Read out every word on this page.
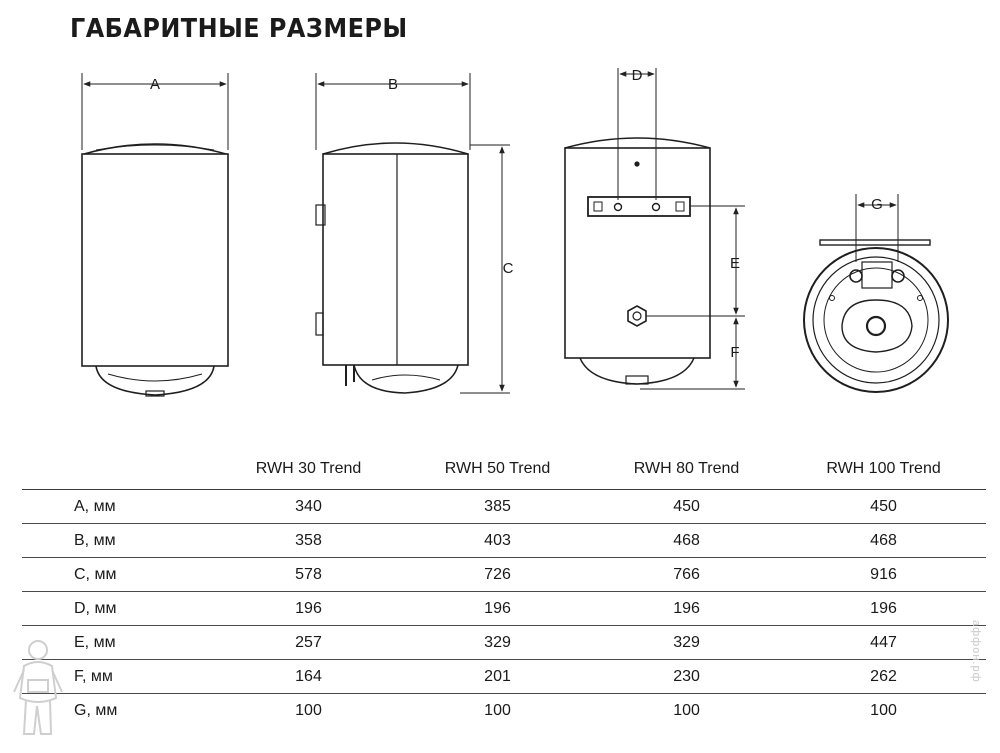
ГАБАРИТНЫЕ РАЗМЕРЫ
A	B
C
D
E
F
G
	RWH 30 Trend	RWH 50 Trend	RWH 80 Trend	RWH 100 Trend
A, мм	340	385	450	450
B, мм	358	403	468	468
C, мм	578	726	766	916
D, мм	196	196	196	196
E, мм	257	329	329	447
F, мм	164	201	230	262
G, мм	100	100	100	100
аффон.рф
